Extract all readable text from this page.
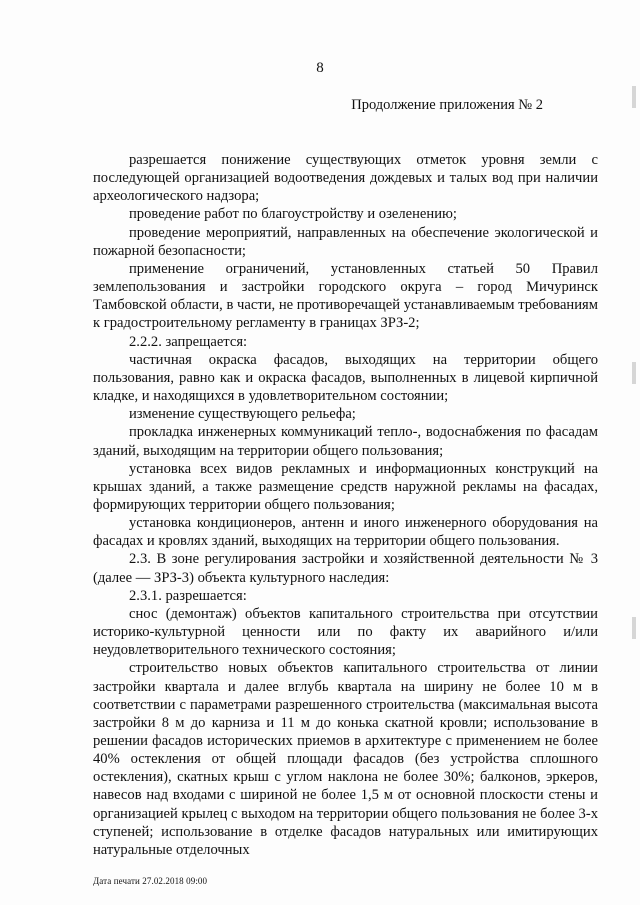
8
Продолжение приложения № 2

разрешается понижение существующих отметок уровня земли с последующей организацией водоотведения дождевых и талых вод при наличии археологического надзора;

проведение работ по благоустройству и озеленению;

проведение мероприятий, направленных на обеспечение экологической и пожарной безопасности;

применение ограничений, установленных статьей 50 Правил землепользования и застройки городского округа – город Мичуринск Тамбовской области, в части, не противоречащей устанавливаемым требованиям к градостроительному регламенту в границах ЗРЗ-2;

2.2.2. запрещается:

частичная окраска фасадов, выходящих на территории общего пользования, равно как и окраска фасадов, выполненных в лицевой кирпичной кладке, и находящихся в удовлетворительном состоянии;

изменение существующего рельефа;

прокладка инженерных коммуникаций тепло-, водоснабжения по фасадам зданий, выходящим на территории общего пользования;

установка всех видов рекламных и информационных конструкций на крышах зданий, а также размещение средств наружной рекламы на фасадах, формирующих территории общего пользования;

установка кондиционеров, антенн и иного инженерного оборудования на фасадах и кровлях зданий, выходящих на территории общего пользования.

2.3. В зоне регулирования застройки и хозяйственной деятельности № 3 (далее — ЗРЗ-3) объекта культурного наследия:

2.3.1. разрешается:

снос (демонтаж) объектов капитального строительства при отсутствии историко-культурной ценности или по факту их аварийного и/или неудовлетворительного технического состояния;

строительство новых объектов капитального строительства от линии застройки квартала и далее вглубь квартала на ширину не более 10 м в соответствии с параметрами разрешенного строительства (максимальная высота застройки 8 м до карниза и 11 м до конька скатной кровли; использование в решении фасадов исторических приемов в архитектуре с применением не более 40% остекления от общей площади фасадов (без устройства сплошного остекления), скатных крыш с углом наклона не более 30%; балконов, эркеров, навесов над входами с шириной не более 1,5 м от основной плоскости стены и организацией крылец с выходом на территории общего пользования не более 3-х ступеней; использование в отделке фасадов натуральных или имитирующих натуральные отделочных

Дата печати 27.02.2018 09:00
